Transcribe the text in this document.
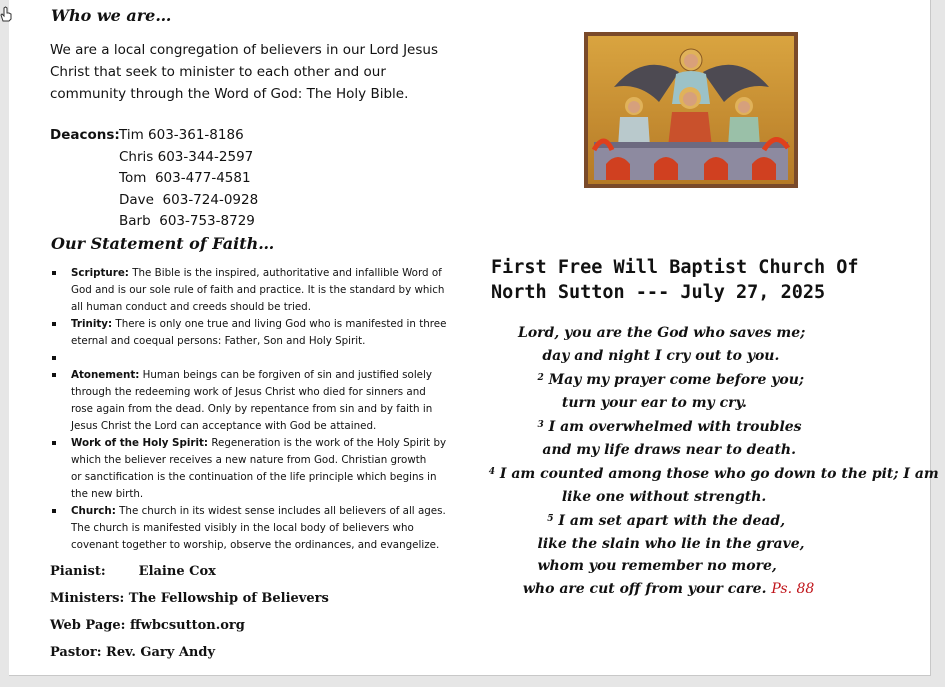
Who we are…
We are a local congregation of believers in our Lord Jesus
Christ that seek to minister to each other and our
community through the Word of God: The Holy Bible.
Deacons: Tim 603-361-8186
Chris 603-344-2597
Tom  603-477-4581
Dave  603-724-0928
Barb  603-753-8729
Our Statement of Faith…
Scripture: The Bible is the inspired, authoritative and infallible Word of
God and is our sole rule of faith and practice. It is the standard by which
all human conduct and creeds should be tried.
Trinity: There is only one true and living God who is manifested in three
eternal and coequal persons: Father, Son and Holy Spirit.
Atonement: Human beings can be forgiven of sin and justified solely
through the redeeming work of Jesus Christ who died for sinners and
rose again from the dead. Only by repentance from sin and by faith in
Jesus Christ the Lord can acceptance with God be attained.
Work of the Holy Spirit: Regeneration is the work of the Holy Spirit by
which the believer receives a new nature from God. Christian growth
or sanctification is the continuation of the life principle which begins in
the new birth.
Church: The church in its widest sense includes all believers of all ages.
The church is manifested visibly in the local body of believers who
covenant together to worship, observe the ordinances, and evangelize.
Pianist:	Elaine Cox
Ministers: The Fellowship of Believers
Web Page: ffwbcsutton.org
Pastor: Rev. Gary Andy
First Free Will Baptist Church Of
North Sutton --- July 27, 2025
Lord, you are the God who saves me;
day and night I cry out to you.
$^2$ May my prayer come before you;
turn your ear to my cry.
$^3$ I am overwhelmed with troubles
and my life draws near to death.
$^4$ I am counted among those who go down to the pit; I am
like one without strength.
$^5$ I am set apart with the dead,
like the slain who lie in the grave,
whom you remember no more,
who are cut off from your care. Ps. 88
